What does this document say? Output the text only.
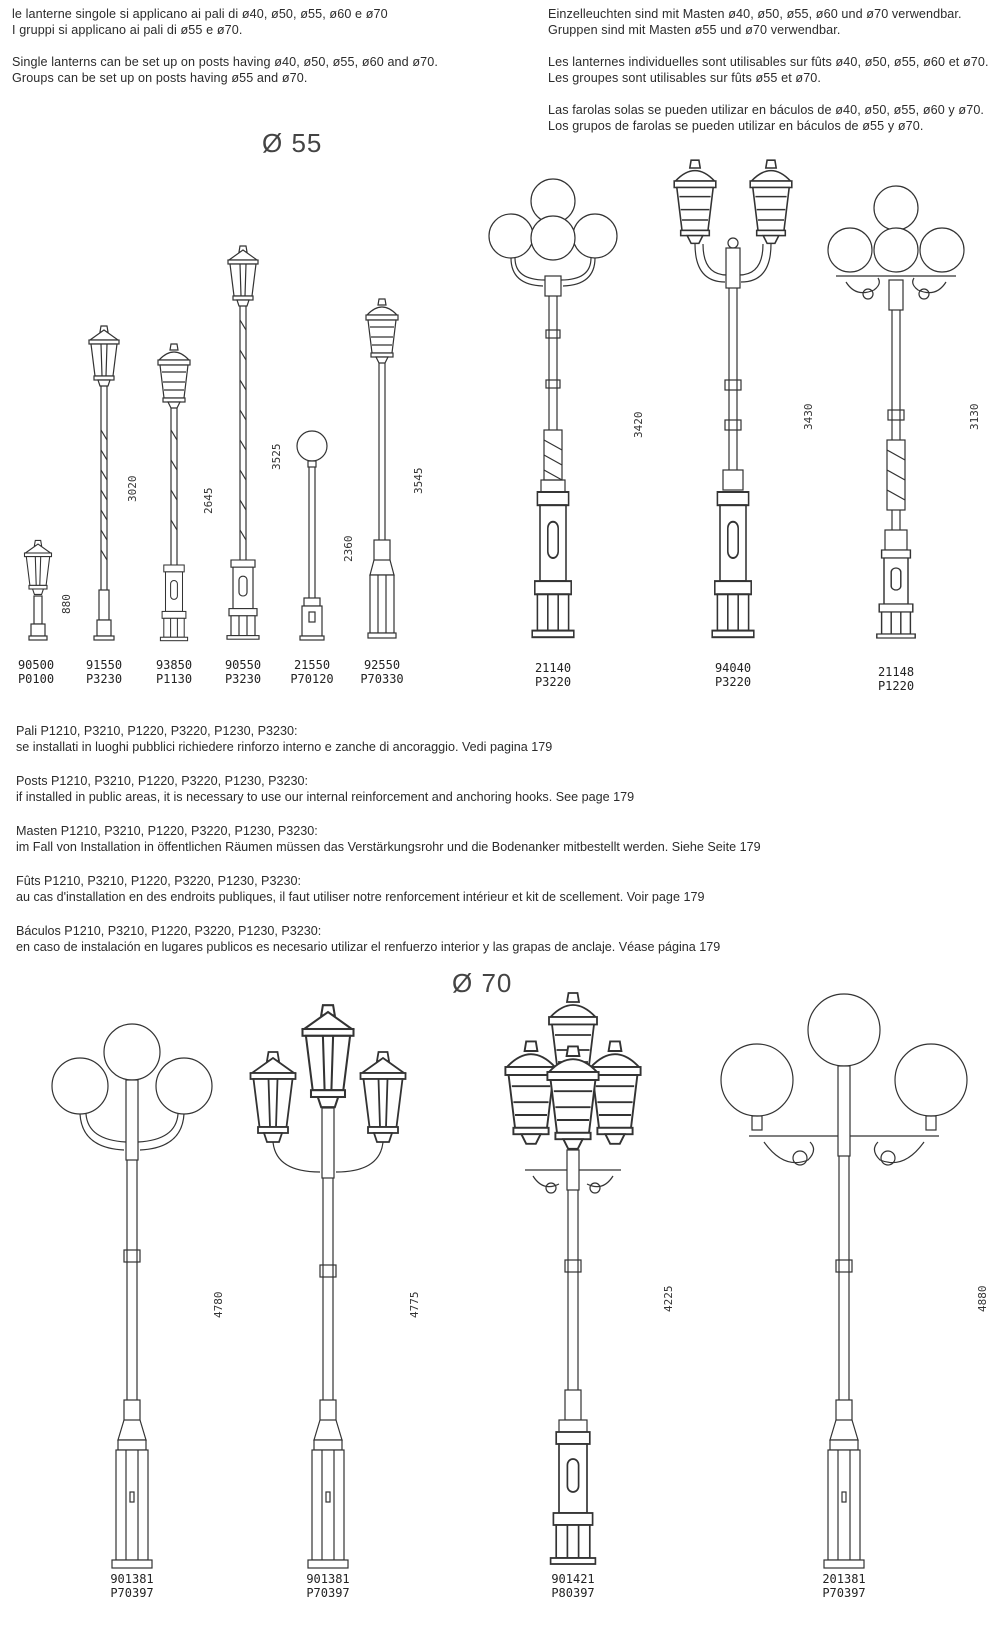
le lanterne singole si applicano ai pali di ø40, ø50, ø55, ø60 e ø70
I gruppi si applicano ai pali di ø55 e ø70.
Single lanterns can be set up on posts having ø40, ø50, ø55, ø60 and ø70.
Groups can be set up on posts having ø55 and ø70.
Einzelleuchten sind mit Masten ø40, ø50, ø55, ø60 und ø70 verwendbar.
Gruppen sind mit Masten ø55 und ø70 verwendbar.
Les lanternes individuelles sont utilisables sur fûts ø40, ø50, ø55, ø60 et ø70.
Les groupes sont utilisables sur fûts ø55 et ø70.
Las farolas solas se pueden utilizar en báculos de ø40, ø50, ø55, ø60 y ø70.
Los grupos de farolas se pueden utilizar en báculos de ø55 y ø70.
Ø 55
Ø 70
90500
P0100
91550
P3230
93850
P1130
90550
P3230
21550
P70120
92550
P70330
21140
P3220
94040
P3220
21148
P1220
880
3020	2645
3525
2360
3545
3420	3430	3130
901381
P70397
901381
P70397
901421
P80397
201381
P70397
4780	4775	4225	4880
Pali P1210, P3210, P1220, P3220, P1230, P3230:
se installati in luoghi pubblici richiedere rinforzo interno e zanche di ancoraggio. Vedi pagina 179
Posts P1210, P3210, P1220, P3220, P1230, P3230:
if installed in public areas, it is necessary to use our internal reinforcement and anchoring hooks. See page 179
Masten P1210, P3210, P1220, P3220, P1230, P3230:
im Fall von Installation in öffentlichen Räumen müssen das Verstärkungsrohr und die Bodenanker mitbestellt werden. Siehe Seite 179
Fûts P1210, P3210, P1220, P3220, P1230, P3230:
au cas d'installation en des endroits publiques, il faut utiliser notre renforcement intérieur et kit de scellement. Voir page 179
Báculos P1210, P3210, P1220, P3220, P1230, P3230:
en caso de instalación en lugares publicos es necesario utilizar el renfuerzo interior y las grapas de anclaje. Véase página 179
